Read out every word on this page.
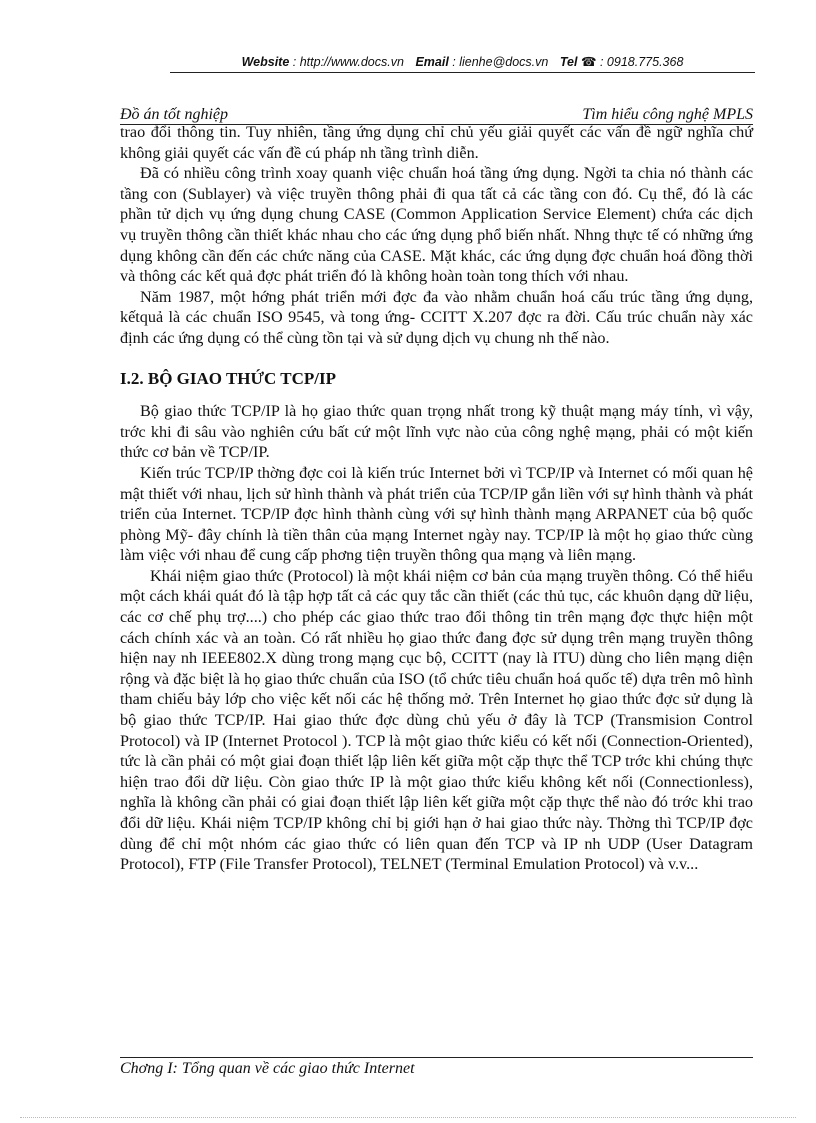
Website : http://www.docs.vn Email : lienhe@docs.vn Tel ☎ : 0918.775.368
Đồ án tốt nghiệp	Tìm hiểu công nghệ MPLS

trao đổi thông tin. Tuy nhiên, tầng ứng dụng chỉ chủ yếu giải quyết các vấn đề ngữ nghĩa chứ không giải quyết các vấn đề cú pháp nh tầng trình diễn.

Đã có nhiều công trình xoay quanh việc chuẩn hoá tầng ứng dụng. Ngời ta chia nó thành các tầng con (Sublayer) và việc truyền thông phải đi qua tất cả các tầng con đó. Cụ thể, đó là các phần tử dịch vụ ứng dụng chung CASE (Common Application Service Element) chứa các dịch vụ truyền thông cần thiết khác nhau cho các ứng dụng phổ biến nhất. Nhng thực tế có những ứng dụng không cần đến các chức năng của CASE. Mặt khác, các ứng dụng đợc chuẩn hoá đồng thời và thông các kết quả đợc phát triển đó là không hoàn toàn tong thích với nhau.

Năm 1987, một hớng phát triển mới đợc đa vào nhằm chuẩn hoá cấu trúc tầng ứng dụng, kếtquả là các chuẩn ISO 9545, và tong ứng- CCITT X.207 đợc ra đời. Cấu trúc chuẩn này xác định các ứng dụng có thể cùng tồn tại và sử dụng dịch vụ chung nh thế nào.

I.2. BỘ GIAO THỨC TCP/IP

Bộ giao thức TCP/IP là họ giao thức quan trọng nhất trong kỹ thuật mạng máy tính, vì vậy, trớc khi đi sâu vào nghiên cứu bất cứ một lĩnh vực nào của công nghệ mạng, phải có một kiến thức cơ bản về TCP/IP.

Kiến trúc TCP/IP thờng đợc coi là kiến trúc Internet bởi vì TCP/IP và Internet có mối quan hệ mật thiết với nhau, lịch sử hình thành và phát triển của TCP/IP gắn liền với sự hình thành và phát triển của Internet. TCP/IP đợc hình thành cùng với sự hình thành mạng ARPANET của bộ quốc phòng Mỹ- đây chính là tiền thân của mạng Internet ngày nay. TCP/IP là một họ giao thức cùng làm việc với nhau để cung cấp phơng tiện truyền thông qua mạng và liên mạng.

Khái niệm giao thức (Protocol) là một khái niệm cơ bản của mạng truyền thông. Có thể hiểu một cách khái quát đó là tập hợp tất cả các quy tắc cần thiết (các thủ tục, các khuôn dạng dữ liệu, các cơ chế phụ trợ....) cho phép các giao thức trao đổi thông tin trên mạng đợc thực hiện một cách chính xác và an toàn. Có rất nhiều họ giao thức đang đợc sử dụng trên mạng truyền thông hiện nay nh IEEE802.X dùng trong mạng cục bộ, CCITT (nay là ITU) dùng cho liên mạng diện rộng và đặc biệt là họ giao thức chuẩn của ISO (tổ chức tiêu chuẩn hoá quốc tế) dựa trên mô hình tham chiếu bảy lớp cho việc kết nối các hệ thống mở. Trên Internet họ giao thức đợc sử dụng là bộ giao thức TCP/IP. Hai giao thức đợc dùng chủ yếu ở đây là TCP (Transmision Control Protocol) và IP (Internet Protocol ). TCP là một giao thức kiểu có kết nối (Connection-Oriented), tức là cần phải có một giai đoạn thiết lập liên kết giữa một cặp thực thể TCP trớc khi chúng thực hiện trao đổi dữ liệu. Còn giao thức IP là một giao thức kiểu không kết nối (Connectionless), nghĩa là không cần phải có giai đoạn thiết lập liên kết giữa một cặp thực thể nào đó trớc khi trao đổi dữ liệu. Khái niệm TCP/IP không chỉ bị giới hạn ở hai giao thức này. Thờng thì TCP/IP đợc dùng để chỉ một nhóm các giao thức có liên quan đến TCP và IP nh UDP (User Datagram Protocol), FTP (File Transfer Protocol), TELNET (Terminal Emulation Protocol) và v.v...

Chơng I: Tổng quan về các giao thức Internet
